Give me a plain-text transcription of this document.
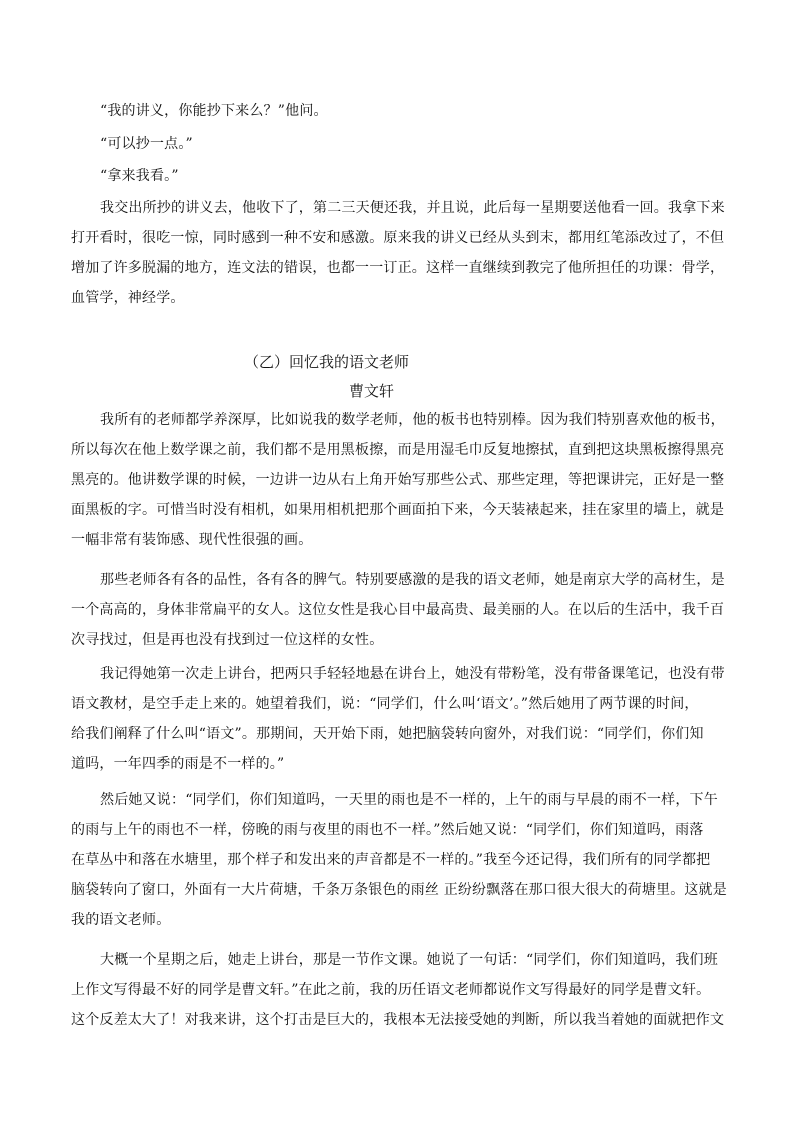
“我的讲义，你能抄下来么？”他问。
“可以抄一点。”
“拿来我看。”
我交出所抄的讲义去，他收下了，第二三天便还我，并且说，此后每一星期要送他看一回。我拿下来
打开看时，很吃一惊，同时感到一种不安和感激。原来我的讲义已经从头到末，都用红笔添改过了，不但
增加了许多脱漏的地方，连文法的错误，也都一一订正。这样一直继续到教完了他所担任的功课：骨学，
血管学，神经学。
（乙）回忆我的语文老师
曹文轩
我所有的老师都学养深厚，比如说我的数学老师，他的板书也特别棒。因为我们特别喜欢他的板书，
所以每次在他上数学课之前，我们都不是用黑板擦，而是用湿毛巾反复地擦拭，直到把这块黑板擦得黑亮
黑亮的。他讲数学课的时候，一边讲一边从右上角开始写那些公式、那些定理，等把课讲完，正好是一整
面黑板的字。可惜当时没有相机，如果用相机把那个画面拍下来，今天装裱起来，挂在家里的墙上，就是
一幅非常有装饰感、现代性很强的画。
那些老师各有各的品性，各有各的脾气。特别要感激的是我的语文老师，她是南京大学的高材生，是
一个高高的，身体非常扁平的女人。这位女性是我心目中最高贵、最美丽的人。在以后的生活中，我千百
次寻找过，但是再也没有找到过一位这样的女性。
我记得她第一次走上讲台，把两只手轻轻地悬在讲台上，她没有带粉笔，没有带备课笔记，也没有带
语文教材，是空手走上来的。她望着我们，说：“同学们，什么叫‘语文’。”然后她用了两节课的时间，
给我们阐释了什么叫“语文”。那期间，天开始下雨，她把脑袋转向窗外，对我们说：“同学们，你们知
道吗，一年四季的雨是不一样的。”
然后她又说：“同学们，你们知道吗，一天里的雨也是不一样的，上午的雨与早晨的雨不一样，下午
的雨与上午的雨也不一样，傍晚的雨与夜里的雨也不一样。”然后她又说：“同学们，你们知道吗，雨落
在草丛中和落在水塘里，那个样子和发出来的声音都是不一样的。”我至今还记得，我们所有的同学都把
脑袋转向了窗口，外面有一大片荷塘，千条万条银色的雨丝 正纷纷飘落在那口很大很大的荷塘里。这就是
我的语文老师。
大概一个星期之后，她走上讲台，那是一节作文课。她说了一句话：“同学们，你们知道吗，我们班
上作文写得最不好的同学是曹文轩。”在此之前，我的历任语文老师都说作文写得最好的同学是曹文轩。
这个反差太大了！对我来讲，这个打击是巨大的，我根本无法接受她的判断，所以我当着她的面就把作文
